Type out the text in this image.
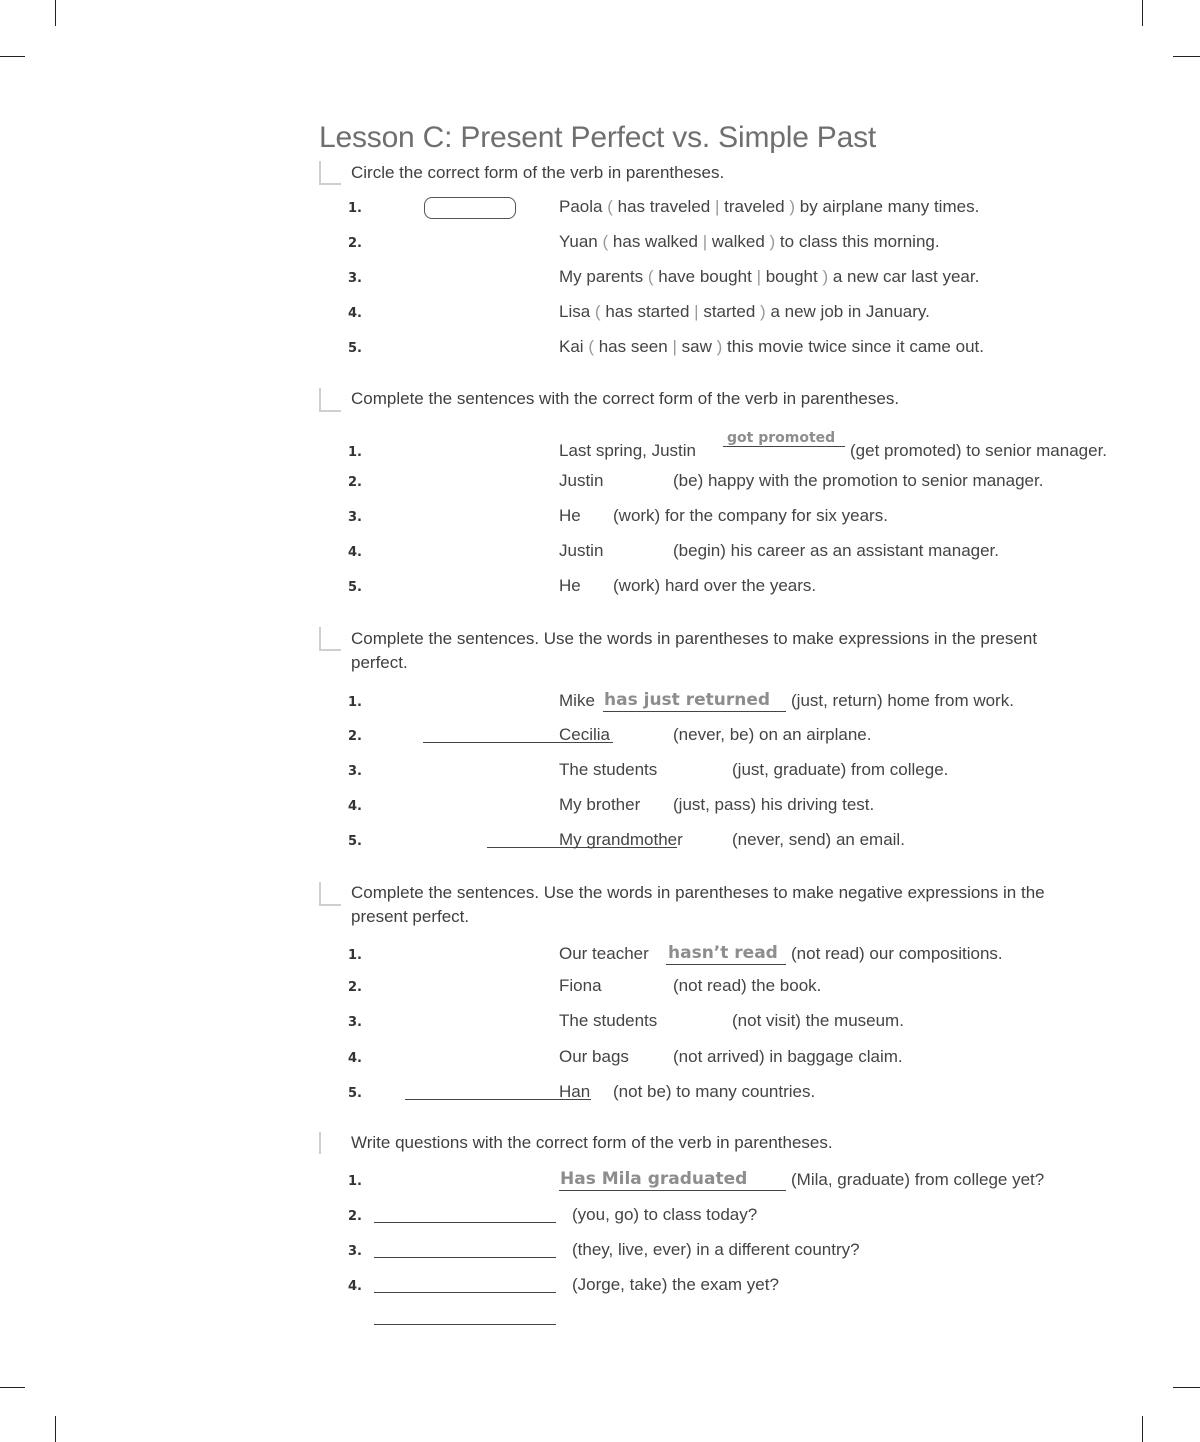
Lesson C: Present Perfect vs. Simple Past
Circle the correct form of the verb in parentheses.
1.	Paola ( has traveled | traveled ) by airplane many times.
2.	Yuan ( has walked | walked ) to class this morning.
3.	My parents ( have bought | bought ) a new car last year.
4.	Lisa ( has started | started ) a new job in January.
5.	Kai ( has seen | saw ) this movie twice since it came out.
Complete the sentences with the correct form of the verb in parentheses.
1.	Last spring, Justin
got promoted
(get promoted) to senior manager.
2.	Justin	(be) happy with the promotion to senior manager.
3.	He (work) for the company for six years.
4.	Justin	(begin) his career as an assistant manager.
5.	He (work) hard over the years.
Complete the sentences. Use the words in parentheses to make expressions in the present
perfect.
1.	Mike has just returned (just, return) home from work.
2.	Cecilia	(never, be) on an airplane.
3.	The students	(just, graduate) from college.
4.	My brother (just, pass) his driving test.
5.	My grandmother	(never, send) an email.
Complete the sentences. Use the words in parentheses to make negative expressions in the
present perfect.
1.	Our teacher hasn’t read (not read) our compositions.
2.	Fiona	(not read) the book.
3.	The students	(not visit) the museum.
4.	Our bags	(not arrived) in baggage claim.
5.	Han (not be) to many countries.
Write questions with the correct form of the verb in parentheses.
1.	Has Mila graduated	(Mila, graduate) from college yet?
2.	(you, go) to class today?
3.	(they, live, ever) in a different country?
4.	(Jorge, take) the exam yet?
